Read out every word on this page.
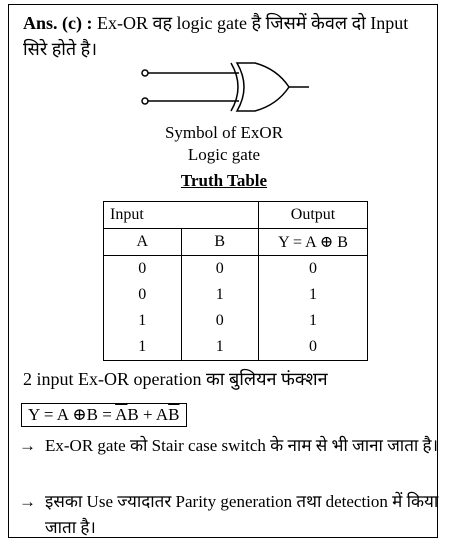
Ans. (c) : Ex-OR वह logic gate है जिसमें केवल दो Input
सिरे होते है।
Symbol of ExOR
Logic gate
Truth Table
Input		Output
A	B	Y = A ⊕ B
0	0	0
0	1	1
1	0	1
1	1	0
2 input Ex-OR operation का बुलियन फंक्शन
Y = A ⊕B = $\overline{A}B + A\overline{B}$
→ Ex-OR gate को Stair case switch के नाम से भी जाना जाता है।
→ इसका Use ज्यादातर Parity generation तथा detection में किया जाता है।
